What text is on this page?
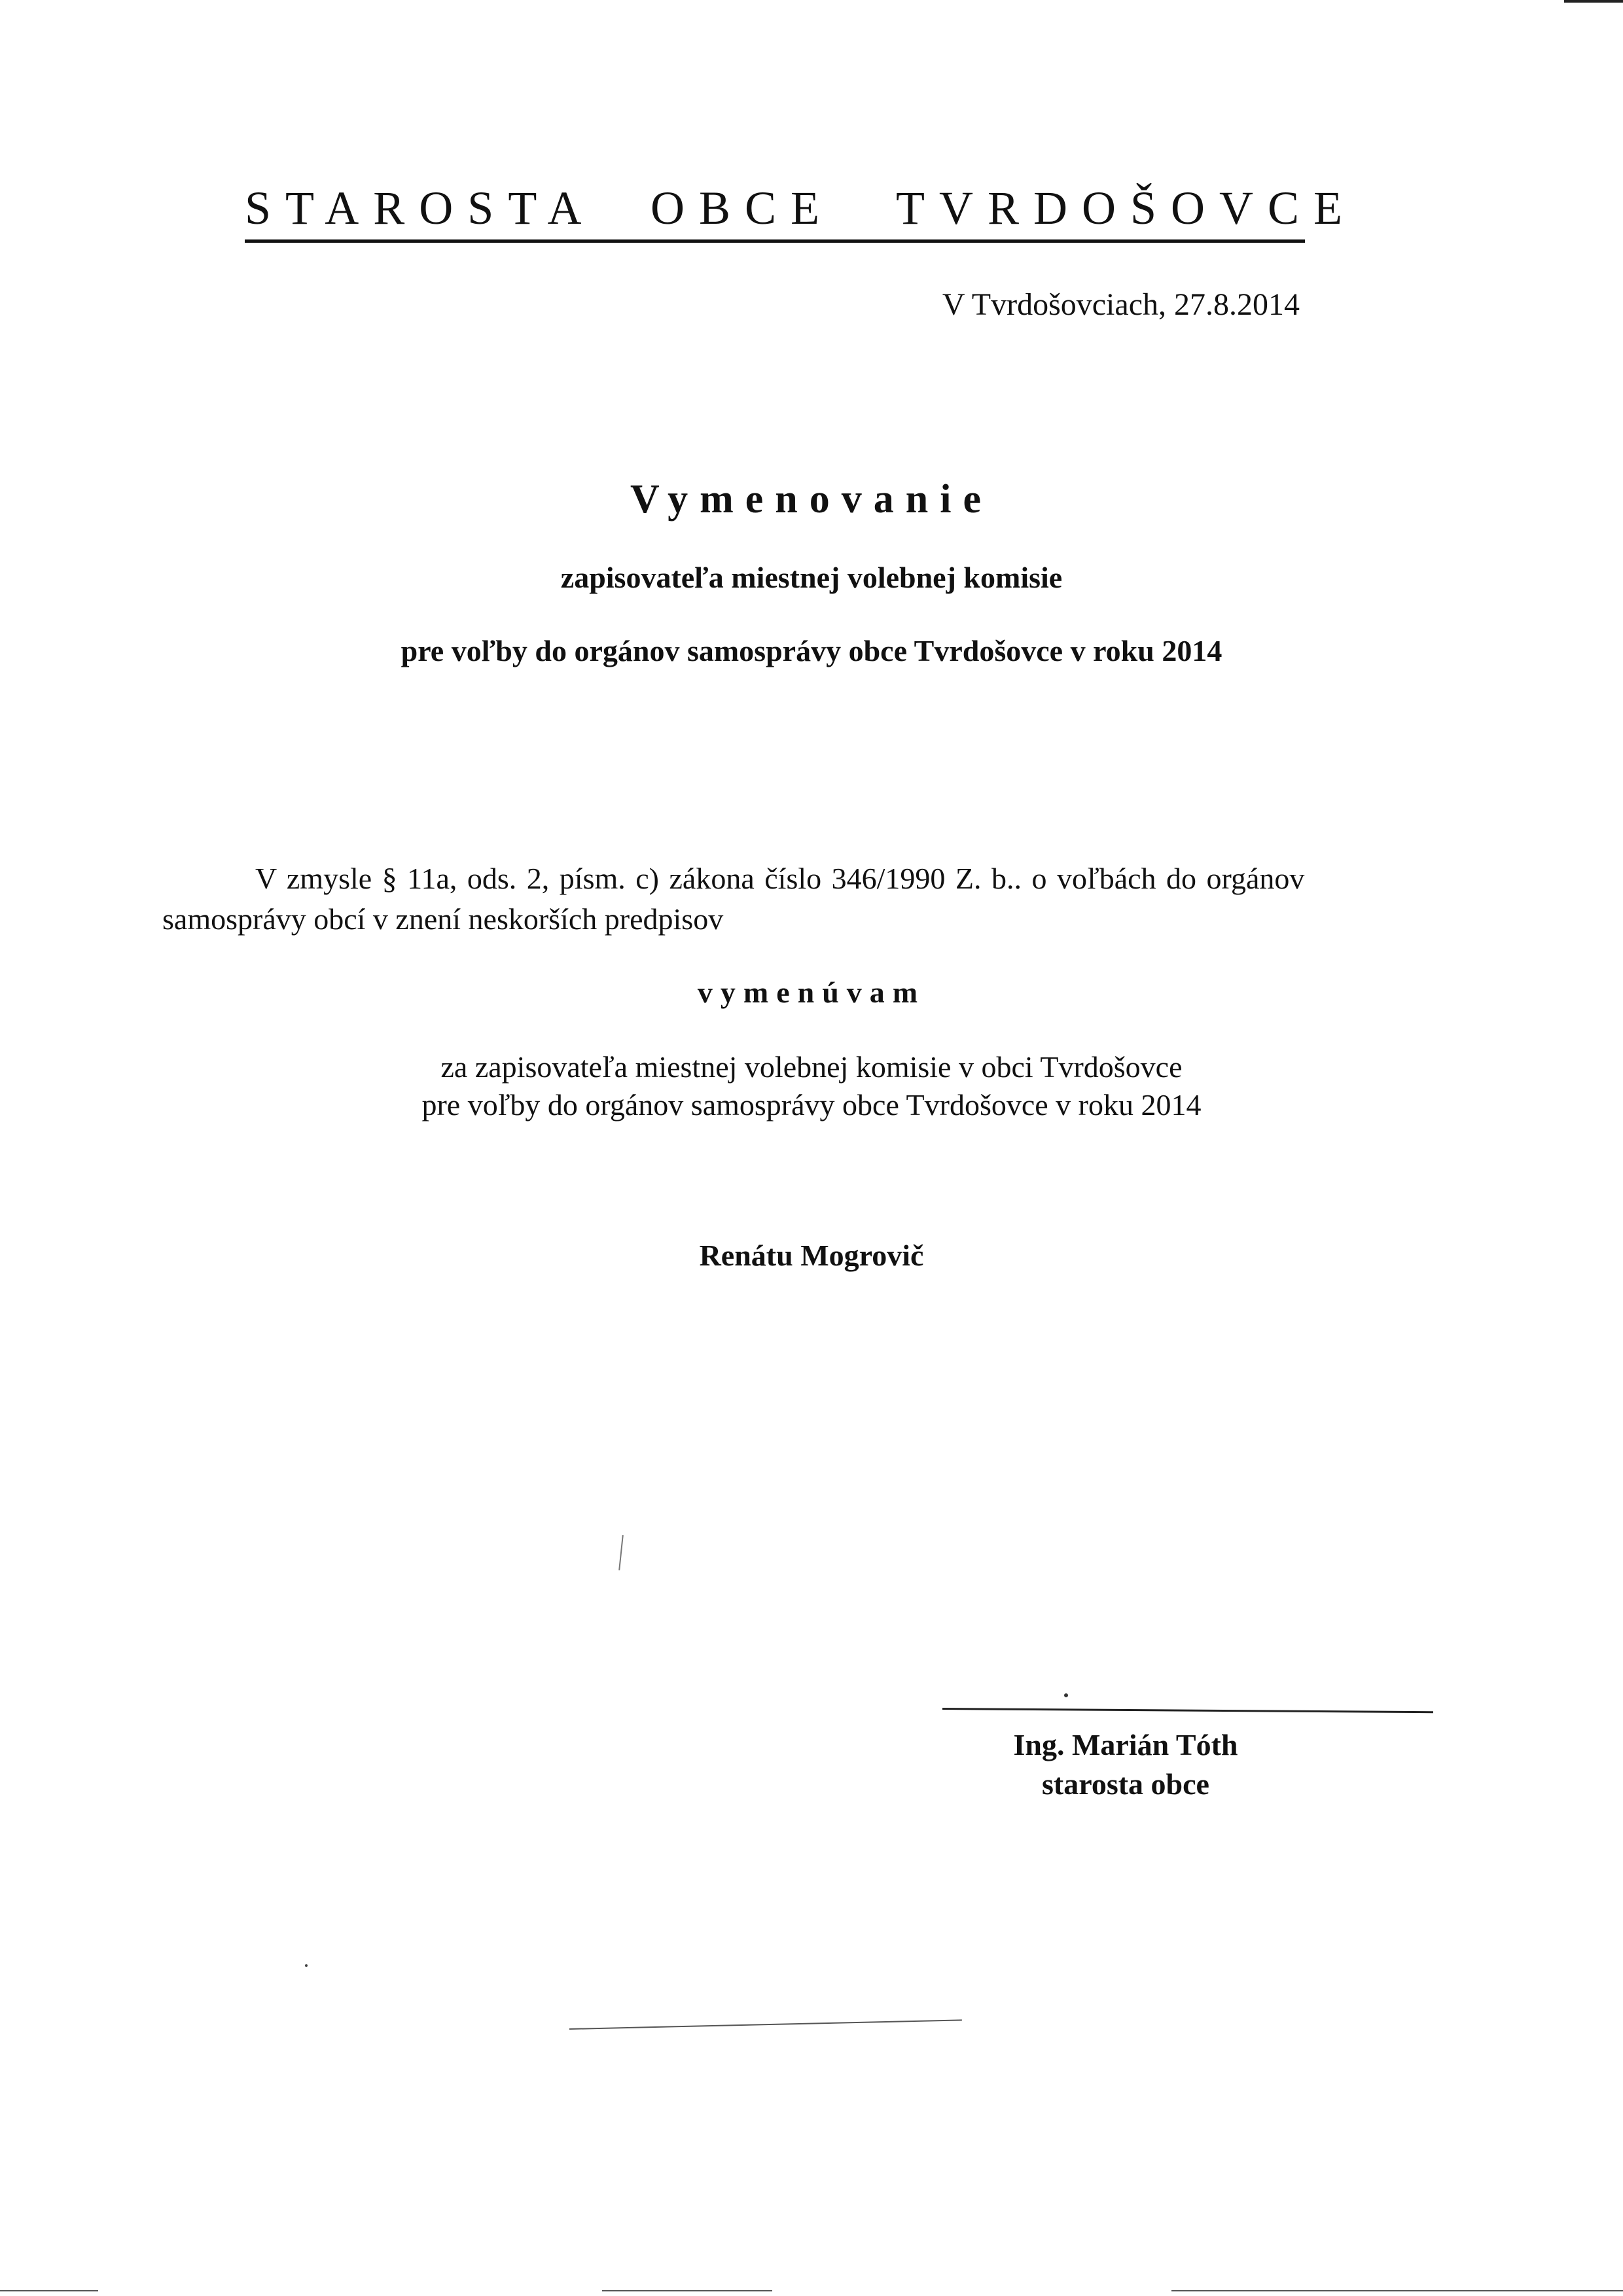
STAROSTA OBCE TVRDOŠOVCE
V Tvrdošovciach, 27.8.2014
Vymenovanie
zapisovateľa miestnej volebnej komisie
pre voľby do orgánov samosprávy obce Tvrdošovce v roku 2014
V zmysle § 11a, ods. 2, písm. c) zákona číslo 346/1990 Z. b.. o voľbách do orgánov
samosprávy obcí v znení neskorších predpisov
vymenúvam
za zapisovateľa miestnej volebnej komisie v obci Tvrdošovce
pre voľby do orgánov samosprávy obce Tvrdošovce v roku 2014
Renátu Mogrovič
Ing. Marián Tóth
starosta obce
